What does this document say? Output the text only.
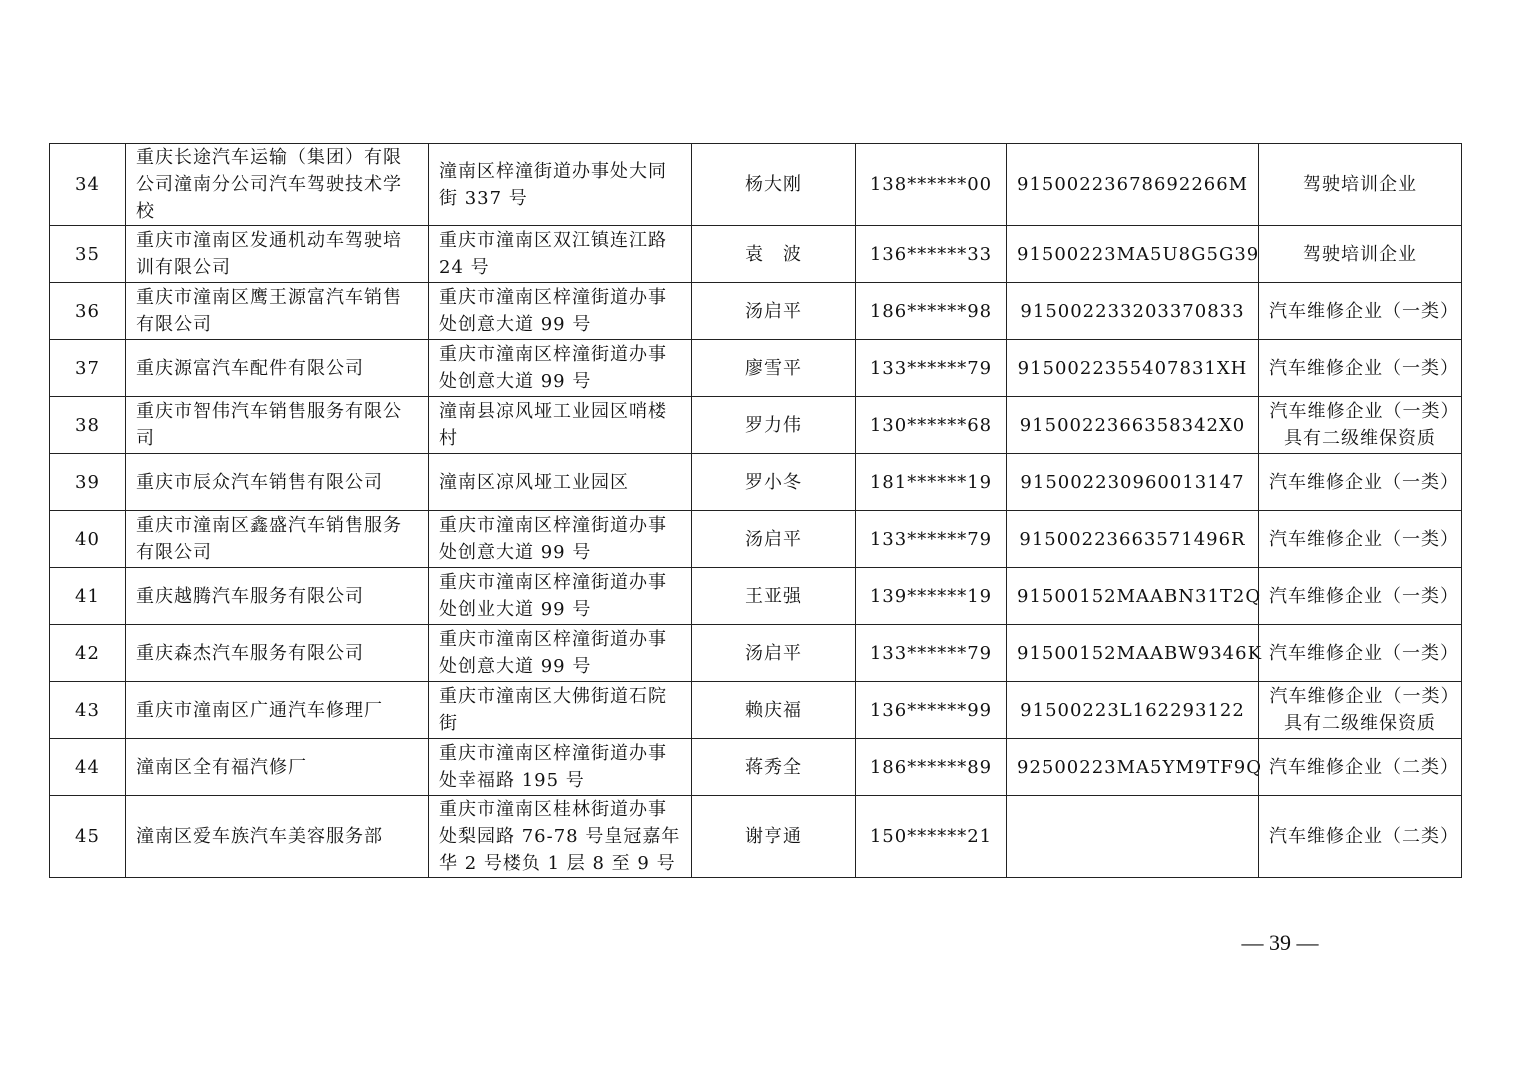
34	重庆长途汽车运输（集团）有限公司潼南分公司汽车驾驶技术学校	潼南区梓潼街道办事处大同街 337 号	杨大刚	138******00	91500223678692266M	驾驶培训企业
35	重庆市潼南区发通机动车驾驶培训有限公司	重庆市潼南区双江镇连江路 24 号	袁　波	136******33	91500223MA5U8G5G39	驾驶培训企业
36	重庆市潼南区鹰王源富汽车销售有限公司	重庆市潼南区梓潼街道办事处创意大道 99 号	汤启平	186******98	915002233203370833	汽车维修企业（一类）
37	重庆源富汽车配件有限公司	重庆市潼南区梓潼街道办事处创意大道 99 号	廖雪平	133******79	9150022355407831XH	汽车维修企业（一类）
38	重庆市智伟汽车销售服务有限公司	潼南县凉风垭工业园区哨楼村	罗力伟	130******68	9150022366358342X0	汽车维修企业（一类）具有二级维保资质
39	重庆市辰众汽车销售有限公司	潼南区凉风垭工业园区	罗小冬	181******19	915002230960013147	汽车维修企业（一类）
40	重庆市潼南区鑫盛汽车销售服务有限公司	重庆市潼南区梓潼街道办事处创意大道 99 号	汤启平	133******79	91500223663571496R	汽车维修企业（一类）
41	重庆越腾汽车服务有限公司	重庆市潼南区梓潼街道办事处创业大道 99 号	王亚强	139******19	91500152MAABN31T2Q	汽车维修企业（一类）
42	重庆森杰汽车服务有限公司	重庆市潼南区梓潼街道办事处创意大道 99 号	汤启平	133******79	91500152MAABW9346K	汽车维修企业（一类）
43	重庆市潼南区广通汽车修理厂	重庆市潼南区大佛街道石院街	赖庆福	136******99	91500223L162293122	汽车维修企业（一类）具有二级维保资质
44	潼南区全有福汽修厂	重庆市潼南区梓潼街道办事处幸福路 195 号	蒋秀全	186******89	92500223MA5YM9TF9Q	汽车维修企业（二类）
45	潼南区爱车族汽车美容服务部	重庆市潼南区桂林街道办事处梨园路 76-78 号皇冠嘉年华 2 号楼负 1 层 8 至 9 号	谢亨通	150******21		汽车维修企业（二类）
— 39 —
